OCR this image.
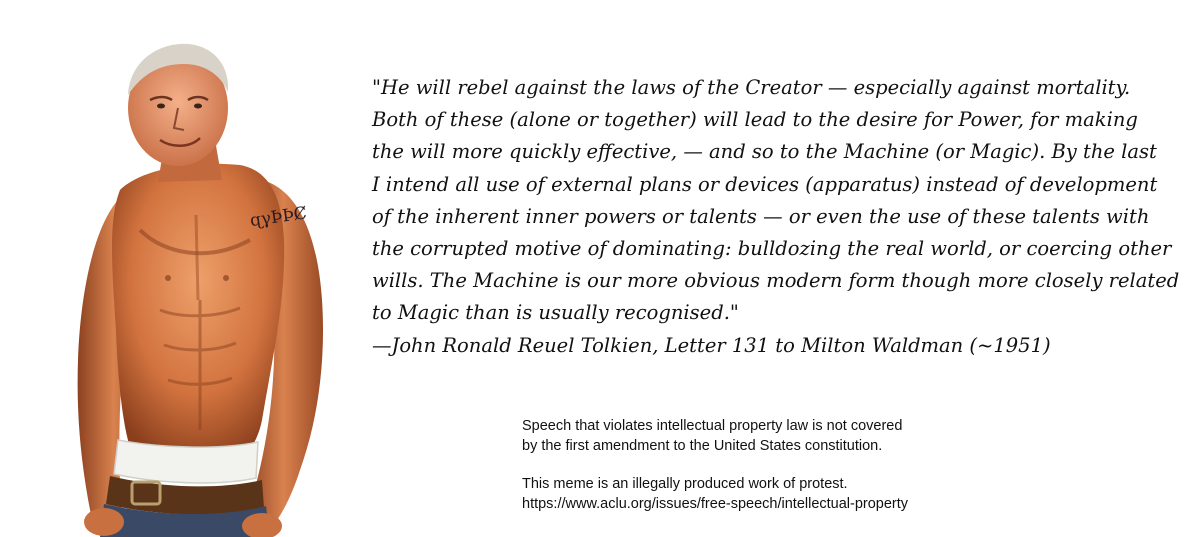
ɋγÞÞȻ
"He will rebel against the laws of the Creator — especially against mortality.
Both of these (alone or together) will lead to the desire for Power, for making
the will more quickly effective, — and so to the Machine (or Magic). By the last
I intend all use of external plans or devices (apparatus) instead of development
of the inherent inner powers or talents — or even the use of these talents with
the corrupted motive of dominating: bulldozing the real world, or coercing other
wills. The Machine is our more obvious modern form though more closely related
to Magic than is usually recognised."
—John Ronald Reuel Tolkien, Letter 131 to Milton Waldman (~1951)
Speech that violates intellectual property law is not covered
by the first amendment to the United States constitution.
This meme is an illegally produced work of protest.
https://www.aclu.org/issues/free-speech/intellectual-property
